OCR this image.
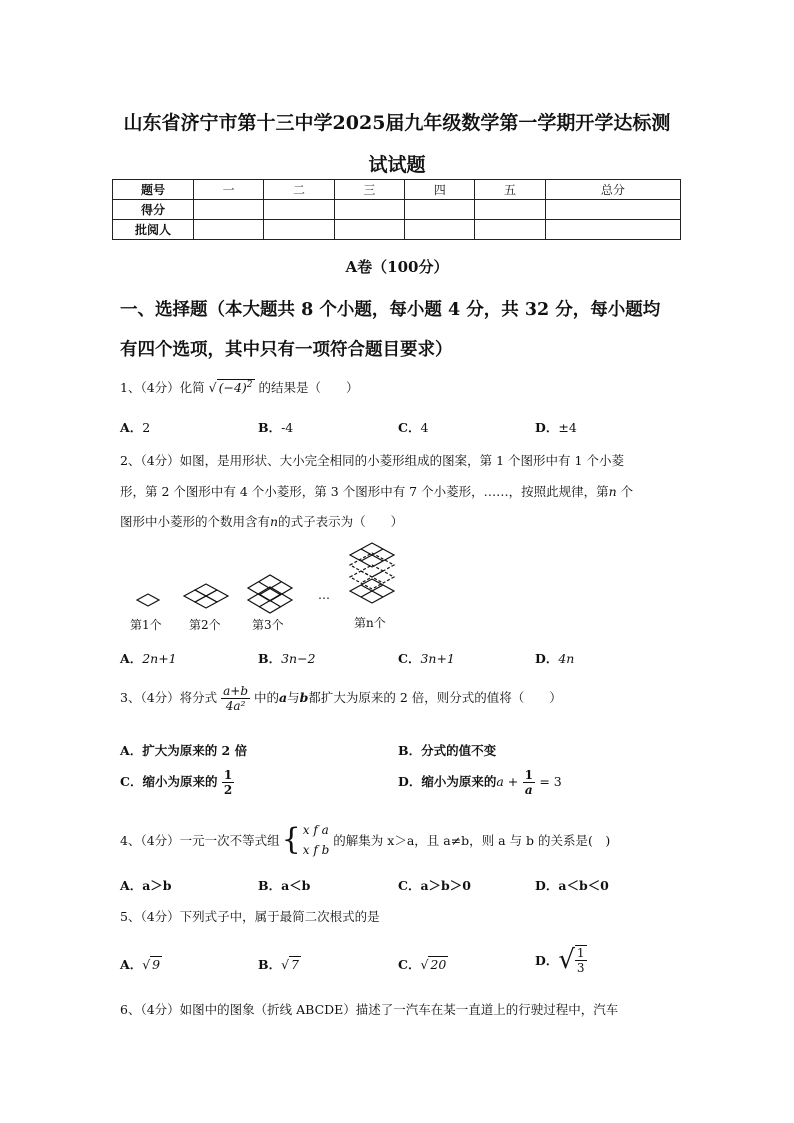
山东省济宁市第十三中学2025届九年级数学第一学期开学达标测
试试题
题号	一	二	三	四	五	总分
得分						
批阅人						
A卷（100分）
一、选择题（本大题共 8 个小题，每小题 4 分，共 32 分，每小题均
有四个选项，其中只有一项符合题目要求）
1、（4分）化简 √ $(-4)^2$ 的结果是（　　）
A．2	B．-4	C．4	D．±4
2、（4分）如图，是用形状、大小完全相同的小菱形组成的图案，第 1 个图形中有 1 个小菱
形，第 2 个图形中有 4 个小菱形，第 3 个图形中有 7 个小菱形，……，按照此规律，第n 个
图形中小菱形的个数用含有n的式子表示为（　　）
第1个 第2个	第3个
…
第n个
A．2n+1	B．3n−2	C．3n+1	D．4n
3、（4分）将分式 $\frac{a+b}{\text{4a²}}$ 中的a与b都扩大为原来的 2 倍，则分式的值将（　　）
A．扩大为原来的 2 倍	B．分式的值不变
C．缩小为原来的 $\frac{1}{2}$	D．缩小为原来的$a + \frac{1}{a} = 3$
4、（4分）一元一次不等式组 { x f a
x f b
的解集为 x＞a，且 a≠b，则 a 与 b 的关系是(　)
A．a＞b	B．a＜b	C．a＞b＞0	D．a＜b＜0
5、（4分）下列式子中，属于最简二次根式的是
A．√ 9	B．√ 7	C．√ 20	D． √ $\frac{1}{3}$
6、（4分）如图中的图象（折线 ABCDE）描述了一汽车在某一直道上的行驶过程中，汽车
